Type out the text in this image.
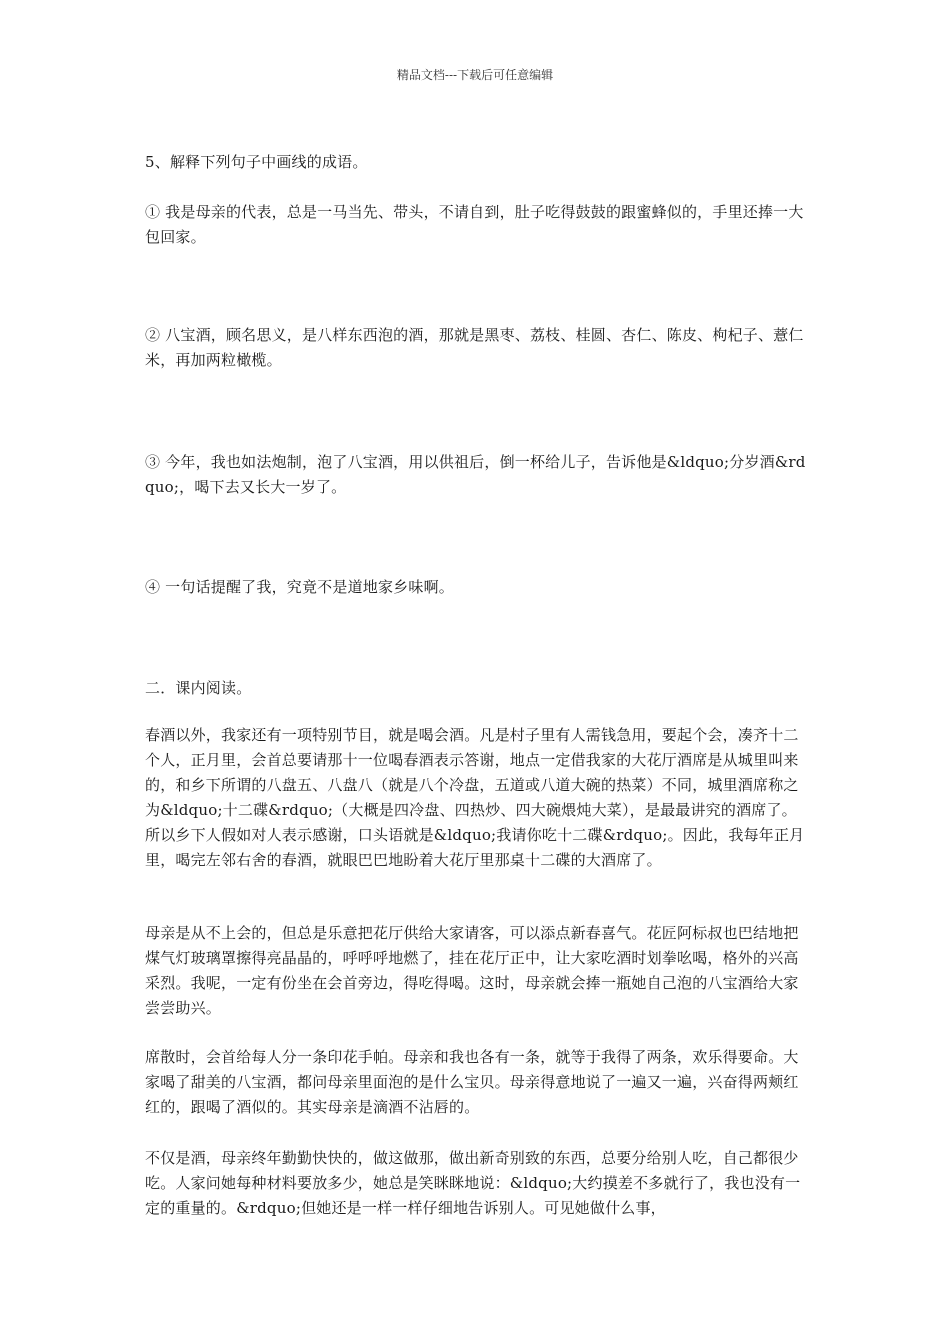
精品文档---下载后可任意编辑
5、解释下列句子中画线的成语。
① 我是母亲的代表，总是一马当先、带头，不请自到，肚子吃得鼓鼓的跟蜜蜂似的，手里还捧一大包回家。
② 八宝酒，顾名思义，是八样东西泡的酒，那就是黑枣、荔枝、桂圆、杏仁、陈皮、枸杞子、薏仁米，再加两粒橄榄。
③ 今年，我也如法炮制，泡了八宝酒，用以供祖后，倒一杯给儿子，告诉他是&ldquo;分岁酒&rdquo;，喝下去又长大一岁了。
④ 一句话提醒了我，究竟不是道地家乡味啊。
二．课内阅读。
春酒以外，我家还有一项特别节目，就是喝会酒。凡是村子里有人需钱急用，要起个会，凑齐十二个人，正月里，会首总要请那十一位喝春酒表示答谢，地点一定借我家的大花厅酒席是从城里叫来的，和乡下所谓的八盘五、八盘八（就是八个冷盘，五道或八道大碗的热菜）不同，城里酒席称之为&ldquo;十二碟&rdquo;（大概是四冷盘、四热炒、四大碗煨炖大菜），是最最讲究的酒席了。所以乡下人假如对人表示感谢，口头语就是&ldquo;我请你吃十二碟&rdquo;。因此，我每年正月里，喝完左邻右舍的春酒，就眼巴巴地盼着大花厅里那桌十二碟的大酒席了。
母亲是从不上会的，但总是乐意把花厅供给大家请客，可以添点新春喜气。花匠阿标叔也巴结地把煤气灯玻璃罩擦得亮晶晶的，呼呼呼地燃了，挂在花厅正中，让大家吃酒时划拳吆喝，格外的兴高采烈。我呢，一定有份坐在会首旁边，得吃得喝。这时，母亲就会捧一瓶她自己泡的八宝酒给大家尝尝助兴。
席散时，会首给每人分一条印花手帕。母亲和我也各有一条，就等于我得了两条，欢乐得要命。大家喝了甜美的八宝酒，都问母亲里面泡的是什么宝贝。母亲得意地说了一遍又一遍，兴奋得两颊红红的，跟喝了酒似的。其实母亲是滴酒不沾唇的。
不仅是酒，母亲终年勤勤快快的，做这做那，做出新奇别致的东西，总要分给别人吃，自己都很少吃。人家问她每种材料要放多少，她总是笑眯眯地说：&ldquo;大约摸差不多就行了，我也没有一定的重量的。&rdquo;但她还是一样一样仔细地告诉别人。可见她做什么事，
